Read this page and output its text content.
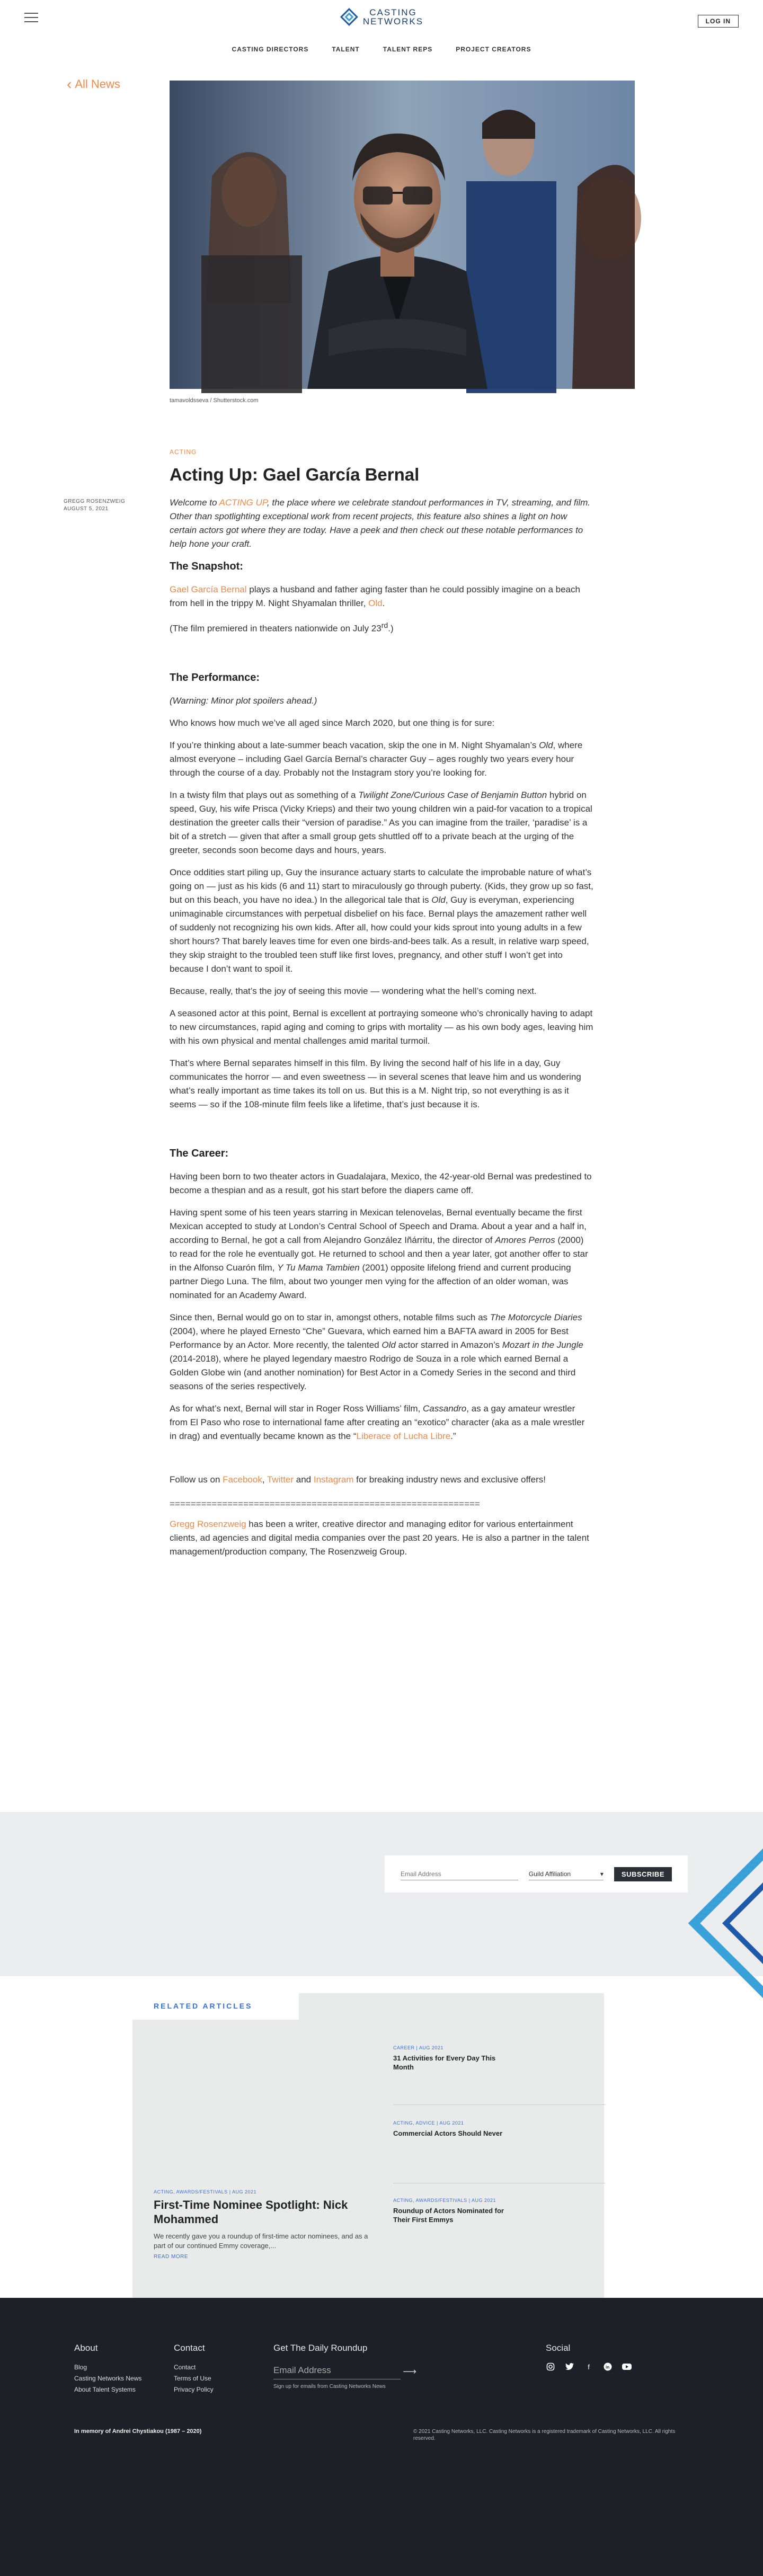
CASTING
NETWORKS	LOG IN
CASTING DIRECTORS	TALENT	TALENT REPS	PROJECT CREATORS
‹ All News
tamavoldsseva / Shutterstock.com
GREGG ROSENZWEIG
AUGUST 5, 2021
ACTING
Acting Up: Gael García Bernal

Welcome to ACTING UP, the place where we celebrate standout performances in TV, streaming, and film. Other than spotlighting exceptional work from recent projects, this feature also shines a light on how certain actors got where they are today. Have a peek and then check out these notable performances to help hone your craft.

The Snapshot:

Gael García Bernal plays a husband and father aging faster than he could possibly imagine on a beach from hell in the trippy M. Night Shyamalan thriller, Old.

(The film premiered in theaters nationwide on July 23rd.)

The Performance:

(Warning: Minor plot spoilers ahead.)

Who knows how much we’ve all aged since March 2020, but one thing is for sure:

If you’re thinking about a late-summer beach vacation, skip the one in M. Night Shyamalan’s Old, where almost everyone – including Gael García Bernal’s character Guy – ages roughly two years every hour through the course of a day. Probably not the Instagram story you’re looking for.

In a twisty film that plays out as something of a Twilight Zone/Curious Case of Benjamin Button hybrid on speed, Guy, his wife Prisca (Vicky Krieps) and their two young children win a paid-for vacation to a tropical destination the greeter calls their “version of paradise.” As you can imagine from the trailer, ‘paradise’ is a bit of a stretch — given that after a small group gets shuttled off to a private beach at the urging of the greeter, seconds soon become days and hours, years.

Once oddities start piling up, Guy the insurance actuary starts to calculate the improbable nature of what’s going on — just as his kids (6 and 11) start to miraculously go through puberty. (Kids, they grow up so fast, but on this beach, you have no idea.) In the allegorical tale that is Old, Guy is everyman, experiencing unimaginable circumstances with perpetual disbelief on his face. Bernal plays the amazement rather well of suddenly not recognizing his own kids. After all, how could your kids sprout into young adults in a few short hours? That barely leaves time for even one birds-and-bees talk. As a result, in relative warp speed, they skip straight to the troubled teen stuff like first loves, pregnancy, and other stuff I won’t get into because I don’t want to spoil it.

Because, really, that’s the joy of seeing this movie — wondering what the hell’s coming next.

A seasoned actor at this point, Bernal is excellent at portraying someone who’s chronically having to adapt to new circumstances, rapid aging and coming to grips with mortality — as his own body ages, leaving him with his own physical and mental challenges amid marital turmoil.

That’s where Bernal separates himself in this film. By living the second half of his life in a day, Guy communicates the horror — and even sweetness — in several scenes that leave him and us wondering what’s really important as time takes its toll on us. But this is a M. Night trip, so not everything is as it seems — so if the 108-minute film feels like a lifetime, that’s just because it is.

The Career:

Having been born to two theater actors in Guadalajara, Mexico, the 42-year-old Bernal was predestined to become a thespian and as a result, got his start before the diapers came off.

Having spent some of his teen years starring in Mexican telenovelas, Bernal eventually became the first Mexican accepted to study at London’s Central School of Speech and Drama. About a year and a half in, according to Bernal, he got a call from Alejandro González Iñárritu, the director of Amores Perros (2000) to read for the role he eventually got. He returned to school and then a year later, got another offer to star in the Alfonso Cuarón film, Y Tu Mama Tambien (2001) opposite lifelong friend and current producing partner Diego Luna. The film, about two younger men vying for the affection of an older woman, was nominated for an Academy Award.

Since then, Bernal would go on to star in, amongst others, notable films such as The Motorcycle Diaries (2004), where he played Ernesto “Che” Guevara, which earned him a BAFTA award in 2005 for Best Performance by an Actor. More recently, the talented Old actor starred in Amazon’s Mozart in the Jungle (2014-2018), where he played legendary maestro Rodrigo de Souza in a role which earned Bernal a Golden Globe win (and another nomination) for Best Actor in a Comedy Series in the second and third seasons of the series respectively.

As for what’s next, Bernal will star in Roger Ross Williams’ film, Cassandro, as a gay amateur wrestler from El Paso who rose to international fame after creating an “exotico” character (aka as a male wrestler in drag) and eventually became known as the “Liberace of Lucha Libre.”

Follow us on Facebook, Twitter and Instagram for breaking industry news and exclusive offers!

===========================================================

Gregg Rosenzweig has been a writer, creative director and managing editor for various entertainment clients, ad agencies and digital media companies over the past 20 years. He is also a partner in the talent management/production company, The Rosenzweig Group.

Email Address
Guild Affiliation	▾	SUBSCRIBE
RELATED ARTICLES
ACTING, AWARDS/FESTIVALS | AUG 2021
First-Time Nominee Spotlight: Nick Mohammed
We recently gave you a roundup of first-time actor nominees, and as a part of our continued Emmy coverage,...
READ MORE
CAREER | AUG 2021
31 Activities for Every Day This Month
ACTING, ADVICE | AUG 2021
Commercial Actors Should Never
ACTING, AWARDS/FESTIVALS | AUG 2021
Roundup of Actors Nominated for Their First Emmys
About
Blog
Casting Networks News
About Talent Systems
Contact
Contact
Terms of Use
Privacy Policy
Get The Daily Roundup
Email Address	⟶
Sign up for emails from Casting Networks News
Social
f	in
In memory of Andrei Chystiakou (1987 – 2020)	© 2021 Casting Networks, LLC. Casting Networks is a registered trademark of Casting Networks, LLC. All rights reserved.
